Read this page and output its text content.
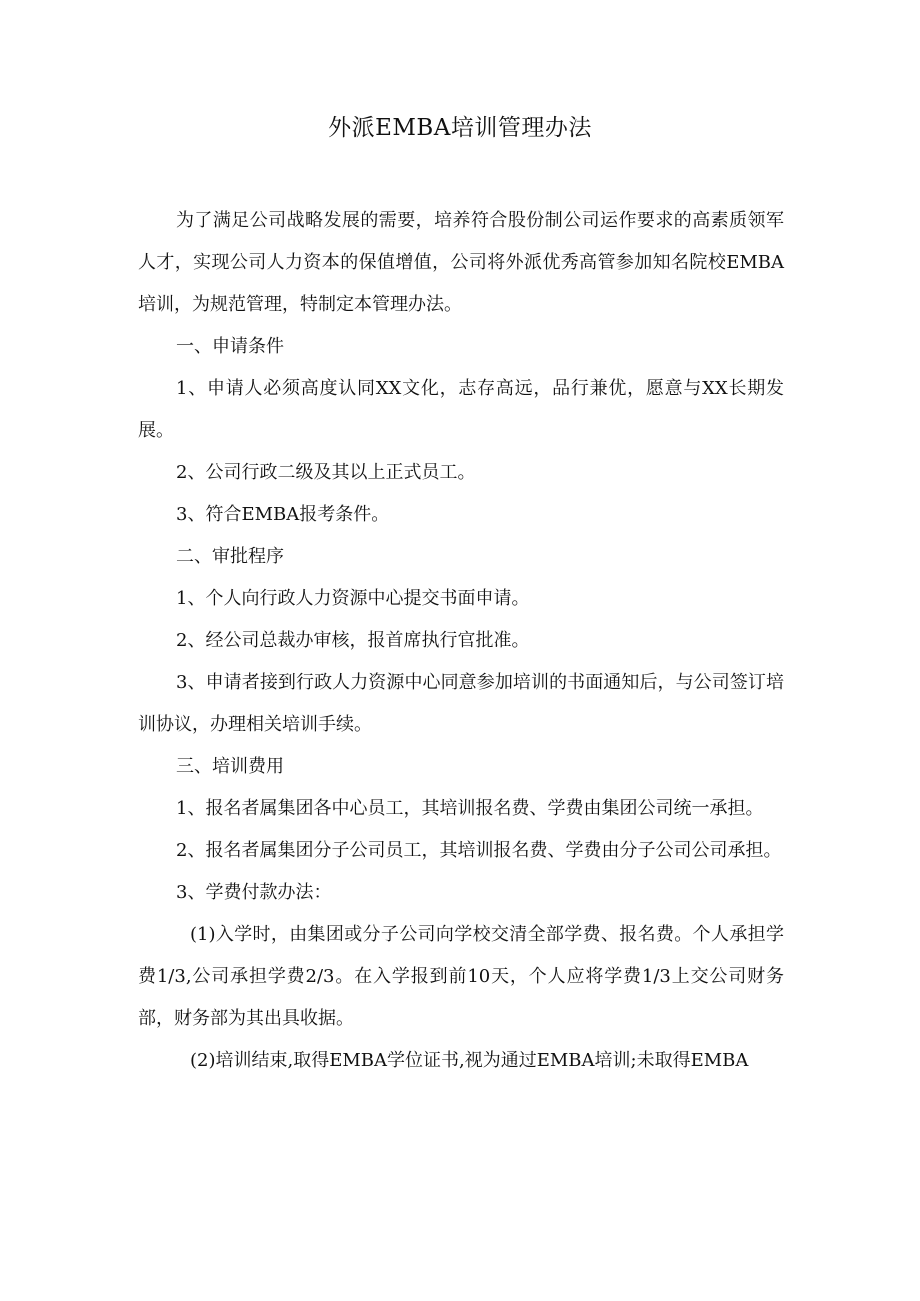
外派EMBA培训管理办法

为了满足公司战略发展的需要，培养符合股份制公司运作要求的高素质领军人才，实现公司人力资本的保值增值，公司将外派优秀高管参加知名院校EMBA培训，为规范管理，特制定本管理办法。

一、申请条件

1、申请人必须高度认同XX文化，志存高远，品行兼优，愿意与XX长期发展。

2、公司行政二级及其以上正式员工。

3、符合EMBA报考条件。

二、审批程序

1、个人向行政人力资源中心提交书面申请。

2、经公司总裁办审核，报首席执行官批准。

3、申请者接到行政人力资源中心同意参加培训的书面通知后，与公司签订培训协议，办理相关培训手续。

三、培训费用

1、报名者属集团各中心员工，其培训报名费、学费由集团公司统一承担。

2、报名者属集团分子公司员工，其培训报名费、学费由分子公司公司承担。

3、学费付款办法：

(1)入学时，由集团或分子公司向学校交清全部学费、报名费。个人承担学费1/3,公司承担学费2/3。在入学报到前10天，个人应将学费1/3上交公司财务部，财务部为其出具收据。

(2)培训结束,取得EMBA学位证书,视为通过EMBA培训;未取得EMBA
